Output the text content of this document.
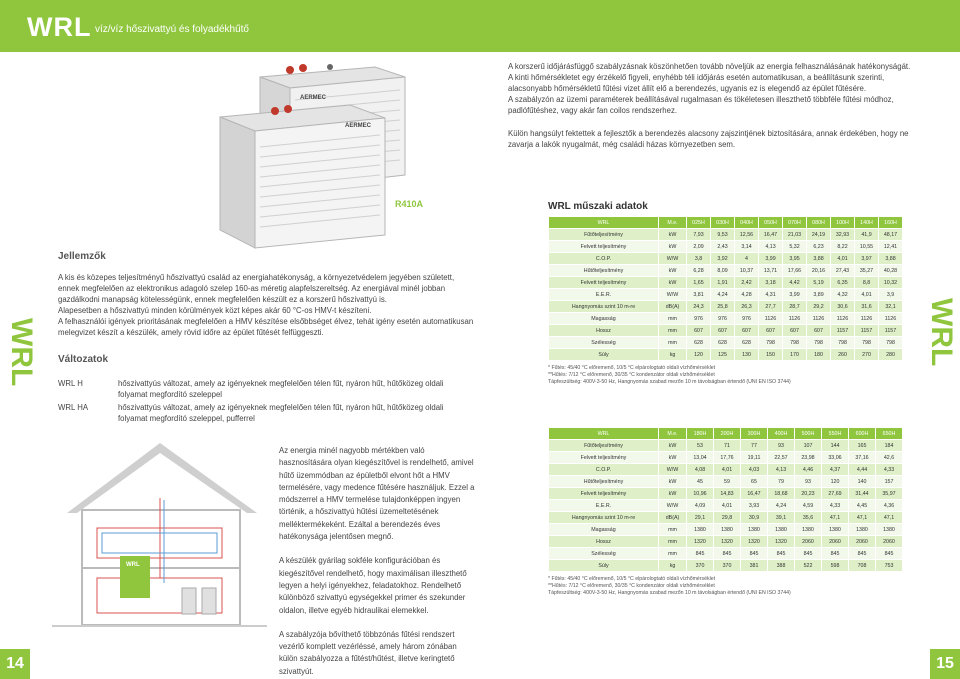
WRL víz/víz hőszivattyú és folyadékhűtő
AERMEC
AERMEC
R410A

A korszerű időjárásfüggő szabályzásnak köszönhetően tovább növeljük az energia felhasználásának hatékonyságát. A kinti hőmérsékletet egy érzékelő figyeli, enyhébb téli időjárás esetén automatikusan, a beállításunk szerinti, alacsonyabb hőmérsékletű fűtési vizet állít elő a berendezés, ugyanis ez is elegendő az épület fűtésére.

A szabályzón az üzemi paraméterek beállításával rugalmasan és tökéletesen illeszthető többféle fűtési módhoz, padlófűtéshez, vagy akár fan coilos rendszerhez.

Külön hangsúlyt fektettek a fejlesztők a berendezés alacsony zajszintjének biztosítására, annak érdekében, hogy ne zavarja a lakók nyugalmát, még családi házas környezetben sem.

Jellemzők

A kis és közepes teljesítményű hőszivattyú család az energiahatékonyság, a környezetvédelem jegyében született, ennek megfelelően az elektronikus adagoló szelep 160-as méretig alapfelszereltség. Az energiával minél jobban gazdálkodni manapság kötelességünk, ennek megfelelően készült ez a korszerű hőszivattyú is.

Alapesetben a hőszivattyú minden körülmények közt képes akár 60 °C-os HMV-t készíteni.

A felhasználói igények prioritásának megfelelően a HMV készítése elsőbbséget élvez, tehát igény esetén automatikusan melegvizet készít a készülék, amely rövid időre az épület fűtését felfüggeszti.

Változatok
WRL H	hőszivattyús változat, amely az igényeknek megfelelően télen fűt, nyáron hűt, hűtőközeg oldali folyamat megfordító szeleppel
WRL HA	hőszivattyús változat, amely az igényeknek megfelelően télen fűt, nyáron hűt, hűtőközeg oldali folyamat megfordító szeleppel, pufferrel
WRL

Az energia minél nagyobb mértékben való hasznosítására olyan kiegészítővel is rendelhető, amivel hűtő üzemmódban az épületből elvont hőt a HMV termelésére, vagy medence fűtésére használjuk. Ezzel a módszerrel a HMV termelése tulajdonképpen ingyen történik, a hőszivattyú hűtési üzemeltetésének melléktermékeként. Ezáltal a berendezés éves hatékonysága jelentősen megnő.

A készülék gyárilag sokféle konfigurációban és kiegészítővel rendelhető, hogy maximálisan illeszthető legyen a helyi igényekhez, feladatokhoz. Rendelhető különböző szivattyú egységekkel primer és szekunder oldalon, illetve egyéb hidraulikai elemekkel.

A szabályzója bővíthető többzónás fűtési rendszert vezérlő komplett vezérléssé, amely három zónában külön szabályozza a fűtést/hűtést, illetve keringtető szivattyút.

WRL műszaki adatok
WRL	M.e.	025H	030H	040H	050H	070H	080H	100H	140H	160H
Fűtőteljesítmény	kW	7,93	9,53	12,56	16,47	21,03	24,19	32,93	41,9	48,17
Felvett teljesítmény	kW	2,09	2,43	3,14	4,13	5,32	6,23	8,22	10,55	12,41
C.O.P.	W/W	3,8	3,92	4	3,99	3,95	3,88	4,01	3,97	3,88
Hűtőteljesítmény	kW	6,28	8,09	10,37	13,71	17,66	20,16	27,43	35,27	40,28
Felvett teljesítmény	kW	1,65	1,91	2,42	3,18	4,42	5,19	6,35	8,8	10,32
E.E.R.	W/W	3,81	4,24	4,28	4,31	3,99	3,89	4,32	4,01	3,9
Hangnyomás szint 10 m-re	dB(A)	24,3	25,8	26,3	27,7	28,7	29,2	30,6	31,6	32,1
Magasság	mm	976	976	976	1126	1126	1126	1126	1126	1126
Hossz	mm	607	607	607	607	607	607	1157	1157	1157
Szélesség	mm	628	628	628	798	798	798	798	798	798
Súly	kg	120	125	130	150	170	180	260	270	280
* Fűtés: 45/40 °C előremenő, 10/5 °C elpárologtató oldali vízhőmérséklet
**Hűtés: 7/12 °C előremenő, 30/35 °C kondenzátor oldali vízhőmérséklet
Tápfeszültség: 400V-3-50 Hz, Hangnyomás szabad mezőn 10 m távolságban értendő (UNI EN ISO 3744)
WRL	M.e.	180H	200H	300H	400H	500H	550H	600H	650H
Fűtőteljesítmény	kW	53	71	77	93	107	144	165	184
Felvett teljesítmény	kW	13,04	17,76	19,11	22,57	23,98	33,06	37,16	42,6
C.O.P.	W/W	4,08	4,01	4,03	4,13	4,46	4,37	4,44	4,33
Hűtőteljesítmény	kW	45	59	65	79	93	120	140	157
Felvett teljesítmény	kW	10,96	14,83	16,47	18,68	20,23	27,69	31,44	35,97
E.E.R.	W/W	4,09	4,01	3,93	4,24	4,59	4,33	4,45	4,36
Hangnyomás szint 10 m-re	dB(A)	29,1	29,8	30,9	39,1	35,6	47,1	47,1	47,1
Magasság	mm	1380	1380	1380	1380	1380	1380	1380	1380
Hossz	mm	1320	1320	1320	1320	2060	2060	2060	2060
Szélesség	mm	845	845	845	845	845	845	845	845
Súly	kg	370	370	381	388	522	598	708	753
* Fűtés: 45/40 °C előremenő, 10/5 °C elpárologtató oldali vízhőmérséklet
**Hűtés: 7/12 °C előremenő, 30/35 °C kondenzátor oldali vízhőmérséklet
Tápfeszültség: 400V-3-50 Hz, Hangnyomás szabad mezőn 10 m távolságban értendő (UNI EN ISO 3744)
WRL	WRL
14	15
